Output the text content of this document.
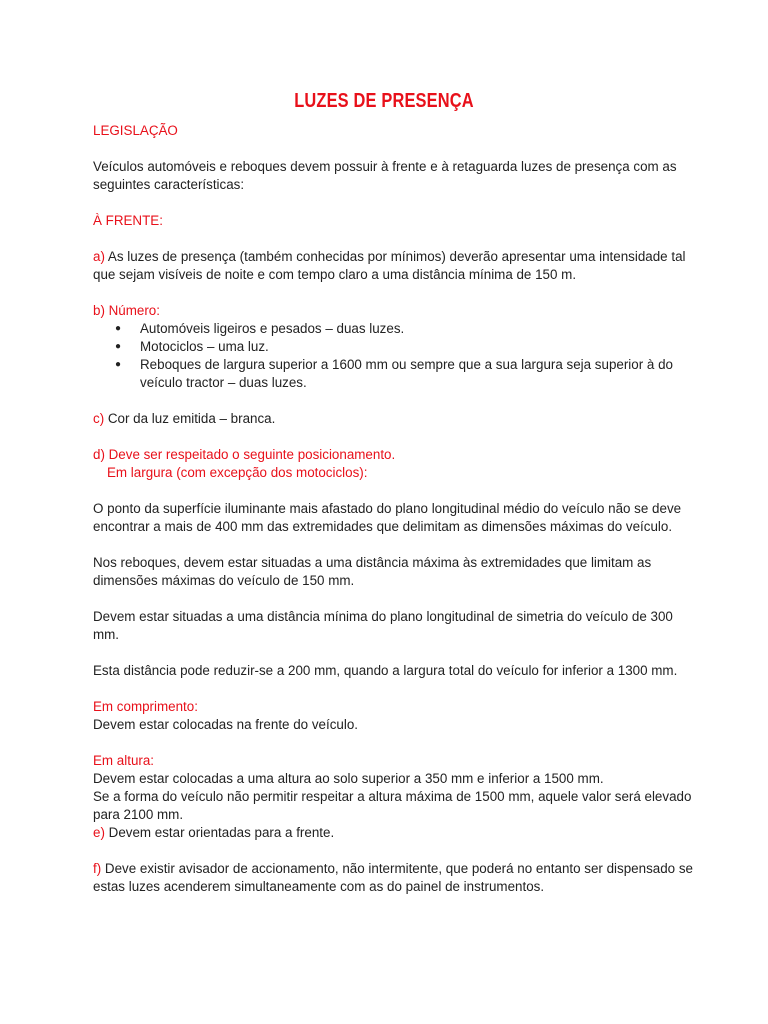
LUZES DE PRESENÇA

LEGISLAÇÃO

Veículos automóveis e reboques devem possuir à frente e à retaguarda luzes de presença com as seguintes características:

À FRENTE:

a) As luzes de presença (também conhecidas por mínimos) deverão apresentar uma intensidade tal que sejam visíveis de noite e com tempo claro a uma distância mínima de 150 m.

b) Número:

● Automóveis ligeiros e pesados – duas luzes.
● Motociclos – uma luz.
● Reboques de largura superior a 1600 mm ou sempre que a sua largura seja superior à do veículo tractor – duas luzes.

c) Cor da luz emitida – branca.

d) Deve ser respeitado o seguinte posicionamento.

Em largura (com excepção dos motociclos):

O ponto da superfície iluminante mais afastado do plano longitudinal médio do veículo não se deve encontrar a mais de 400 mm das extremidades que delimitam as dimensões máximas do veículo.

Nos reboques, devem estar situadas a uma distância máxima às extremidades que limitam as dimensões máximas do veículo de 150 mm.

Devem estar situadas a uma distância mínima do plano longitudinal de simetria do veículo de 300 mm.

Esta distância pode reduzir-se a 200 mm, quando a largura total do veículo for inferior a 1300 mm.

Em comprimento:

Devem estar colocadas na frente do veículo.

Em altura:

Devem estar colocadas a uma altura ao solo superior a 350 mm e inferior a 1500 mm.

Se a forma do veículo não permitir respeitar a altura máxima de 1500 mm, aquele valor será elevado para 2100 mm.

e) Devem estar orientadas para a frente.

f) Deve existir avisador de accionamento, não intermitente, que poderá no entanto ser dispensado se estas luzes acenderem simultaneamente com as do painel de instrumentos.
